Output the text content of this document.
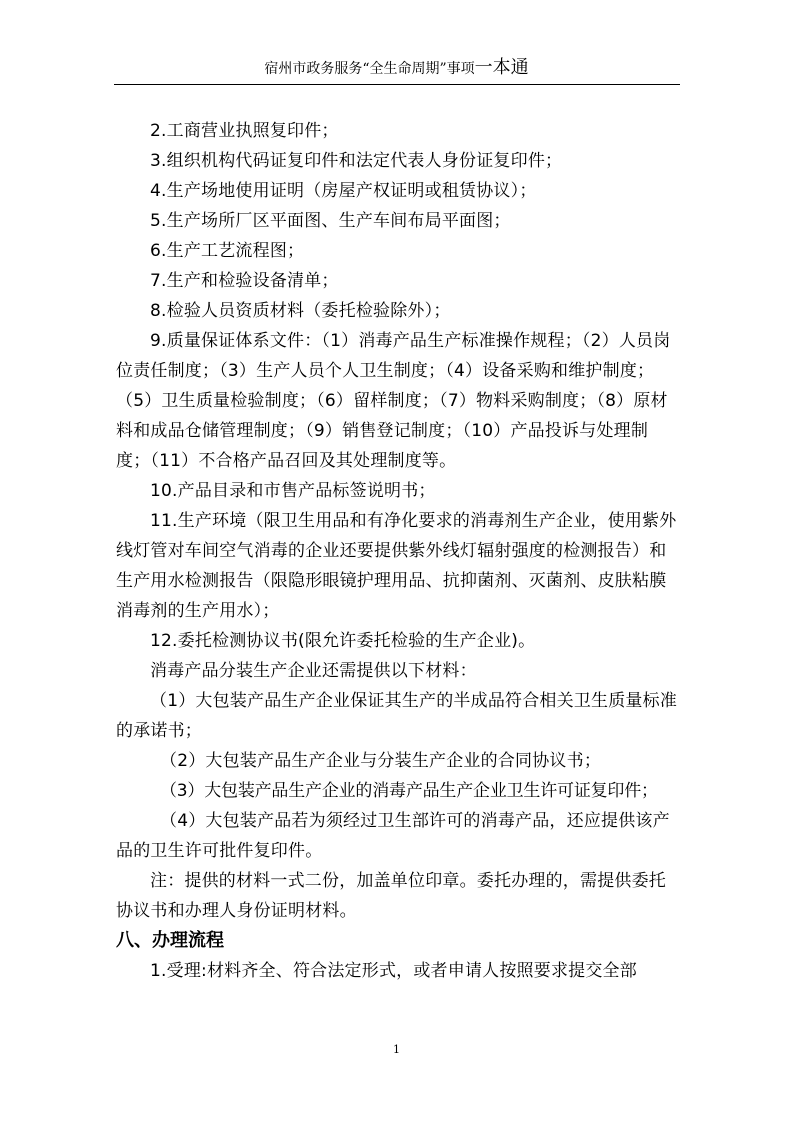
宿州市政务服务“全生命周期”事项一本通

2.工商营业执照复印件；

3.组织机构代码证复印件和法定代表人身份证复印件；

4.生产场地使用证明（房屋产权证明或租赁协议）；

5.生产场所厂区平面图、生产车间布局平面图；

6.生产工艺流程图；

7.生产和检验设备清单；

8.检验人员资质材料（委托检验除外）；

9.质量保证体系文件：（1）消毒产品生产标准操作规程；（2）人员岗位责任制度；（3）生产人员个人卫生制度；（4）设备采购和维护制度；（5）卫生质量检验制度；（6）留样制度；（7）物料采购制度；（8）原材料和成品仓储管理制度；（9）销售登记制度；（10）产品投诉与处理制度；（11）不合格产品召回及其处理制度等。

10.产品目录和市售产品标签说明书；

11.生产环境（限卫生用品和有净化要求的消毒剂生产企业，使用紫外线灯管对车间空气消毒的企业还要提供紫外线灯辐射强度的检测报告）和生产用水检测报告（限隐形眼镜护理用品、抗抑菌剂、灭菌剂、皮肤粘膜消毒剂的生产用水）；

12.委托检测协议书(限允许委托检验的生产企业)。

消毒产品分装生产企业还需提供以下材料：

（1）大包装产品生产企业保证其生产的半成品符合相关卫生质量标准的承诺书；

（2）大包装产品生产企业与分装生产企业的合同协议书；

（3）大包装产品生产企业的消毒产品生产企业卫生许可证复印件；

（4）大包装产品若为须经过卫生部许可的消毒产品，还应提供该产品的卫生许可批件复印件。

注：提供的材料一式二份，加盖单位印章。委托办理的，需提供委托协议书和办理人身份证明材料。

八、办理流程

1.受理:材料齐全、符合法定形式，或者申请人按照要求提交全部

1
